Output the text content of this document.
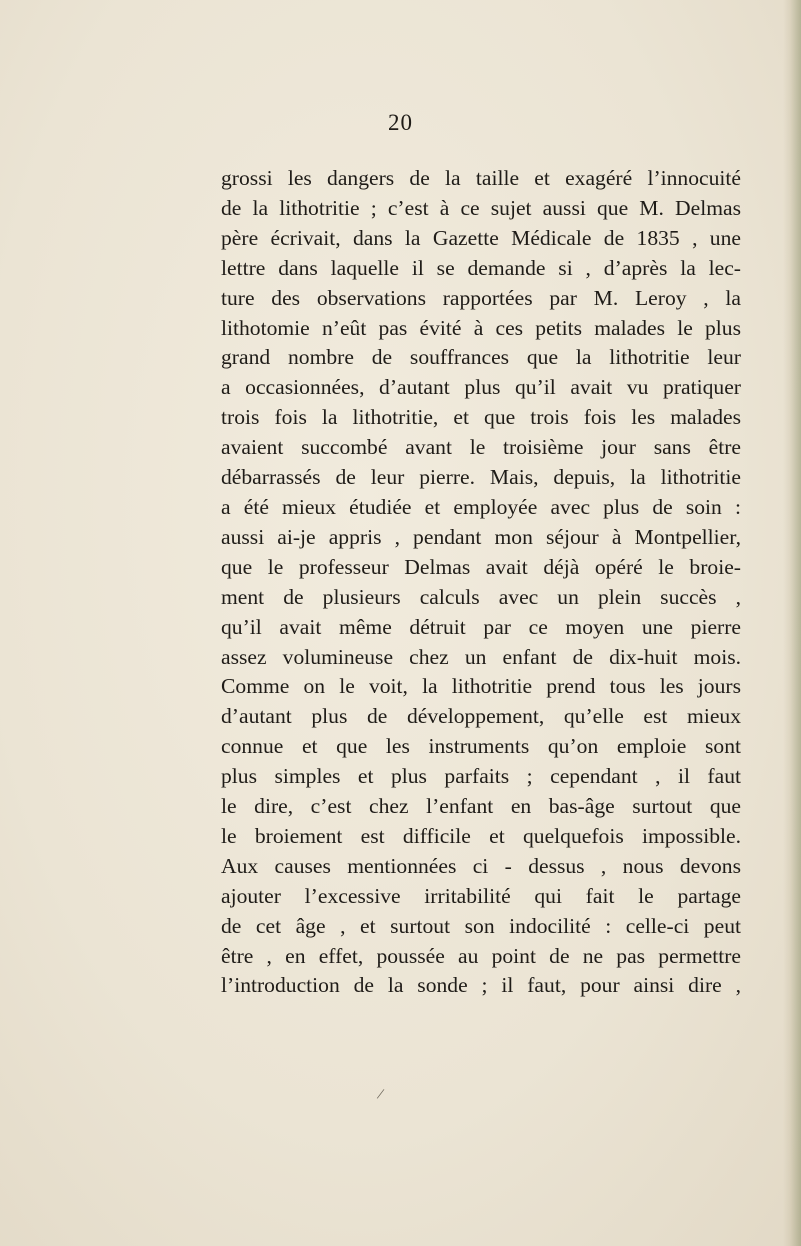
20
grossi les dangers de la taille et exagéré l’innocuité
de la lithotritie ; c’est à ce sujet aussi que M. Delmas
père écrivait, dans la Gazette Médicale de 1835 , une
lettre dans laquelle il se demande si , d’après la lec-
ture des observations rapportées par M. Leroy , la
lithotomie n’eût pas évité à ces petits malades le plus
grand nombre de souffrances que la lithotritie leur
a occasionnées, d’autant plus qu’il avait vu pratiquer
trois fois la lithotritie, et que trois fois les malades
avaient succombé avant le troisième jour sans être
débarrassés de leur pierre. Mais, depuis, la lithotritie
a été mieux étudiée et employée avec plus de soin :
aussi ai-je appris , pendant mon séjour à Montpellier,
que le professeur Delmas avait déjà opéré le broie-
ment de plusieurs calculs avec un plein succès ,
qu’il avait même détruit par ce moyen une pierre
assez volumineuse chez un enfant de dix-huit mois.
Comme on le voit, la lithotritie prend tous les jours
d’autant plus de développement, qu’elle est mieux
connue et que les instruments qu’on emploie sont
plus simples et plus parfaits ; cependant , il faut
le dire, c’est chez l’enfant en bas-âge surtout que
le broiement est difficile et quelquefois impossible.
Aux causes mentionnées ci - dessus , nous devons
ajouter l’excessive irritabilité qui fait le partage
de cet âge , et surtout son indocilité : celle-ci peut
être , en effet, poussée au point de ne pas permettre
l’introduction de la sonde ; il faut, pour ainsi dire ,
/
